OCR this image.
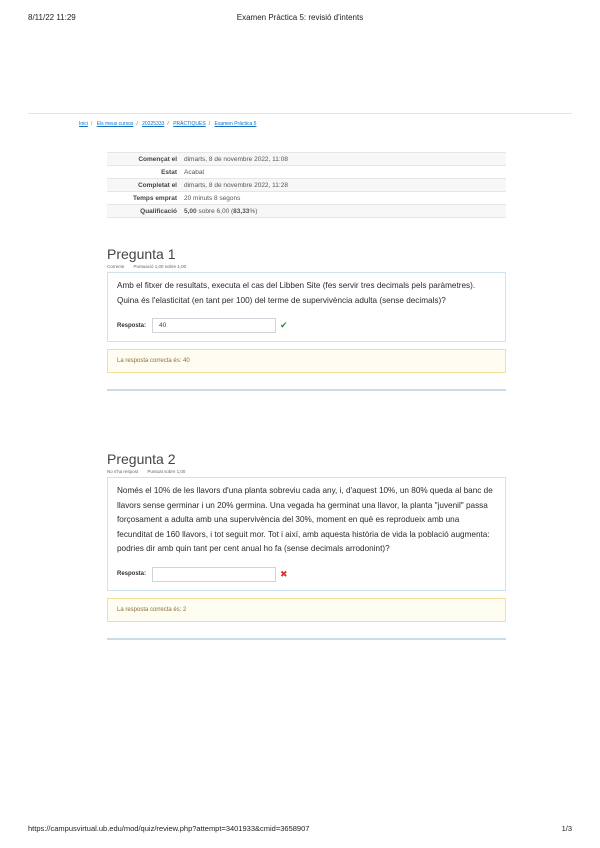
8/11/22 11:29	Examen Pràctica 5: revisió d'intents
Inici / Els meus cursos / 20225333 / PRÀCTIQUES / Examen Pràctica 5
Començat el	dimarts, 8 de novembre 2022, 11:08
Estat	Acabat
Completat el	dimarts, 8 de novembre 2022, 11:28
Temps emprat	20 minuts 8 segons
Qualificació	5,00 sobre 6,00 (83,33%)
Pregunta 1
Correcte Puntuació 1,00 sobre 1,00
Amb el fitxer de resultats, executa el cas del Libben Site (fes servir tres decimals pels paràmetres). Quina és l'elasticitat (en tant per 100) del terme de supervivència adulta (sense decimals)?
Resposta:	40	✔
La resposta correcta és: 40
Pregunta 2
No s'ha respost Puntuat sobre 1,00
Només el 10% de les llavors d'una planta sobreviu cada any, i, d'aquest 10%, un 80% queda al banc de llavors sense germinar i un 20% germina. Una vegada ha germinat una llavor, la planta "juvenil" passa forçosament a adulta amb una supervivència del 30%, moment en què es reprodueix amb una fecunditat de 160 llavors, i tot seguit mor. Tot i així, amb aquesta història de vida la població augmenta: podries dir amb quin tant per cent anual ho fa (sense decimals arrodonint)?
Resposta:	✖
La resposta correcta és: 2
https://campusvirtual.ub.edu/mod/quiz/review.php?attempt=3401933&cmid=3658907	1/3
